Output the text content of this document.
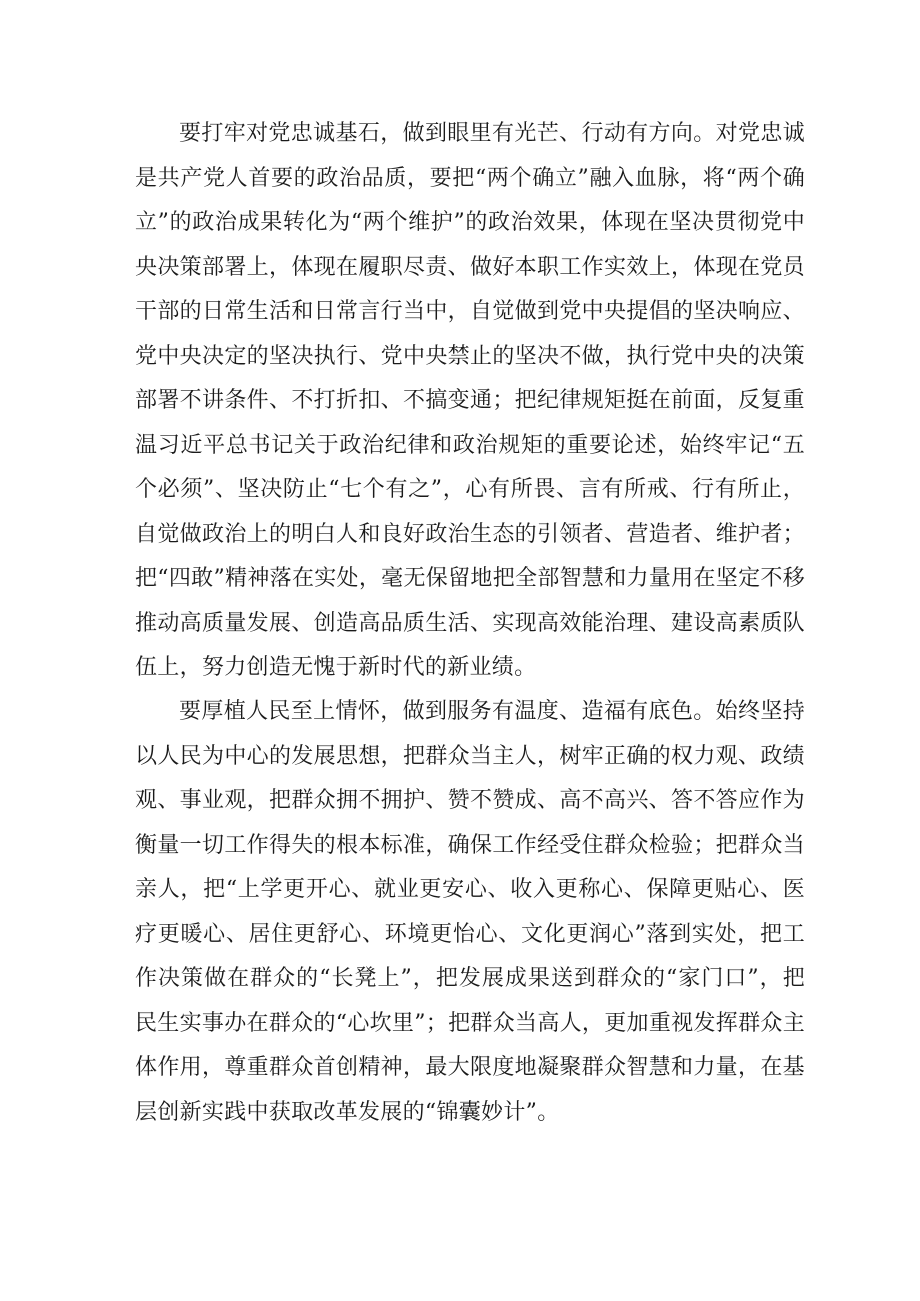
要打牢对党忠诚基石，做到眼里有光芒、行动有方向。对党忠诚是共产党人首要的政治品质，要把“两个确立”融入血脉，将“两个确立”的政治成果转化为“两个维护”的政治效果，体现在坚决贯彻党中央决策部署上，体现在履职尽责、做好本职工作实效上，体现在党员干部的日常生活和日常言行当中，自觉做到党中央提倡的坚决响应、党中央决定的坚决执行、党中央禁止的坚决不做，执行党中央的决策部署不讲条件、不打折扣、不搞变通；把纪律规矩挺在前面，反复重温习近平总书记关于政治纪律和政治规矩的重要论述，始终牢记“五个必须”、坚决防止“七个有之”，心有所畏、言有所戒、行有所止，自觉做政治上的明白人和良好政治生态的引领者、营造者、维护者；把“四敢”精神落在实处，毫无保留地把全部智慧和力量用在坚定不移推动高质量发展、创造高品质生活、实现高效能治理、建设高素质队伍上，努力创造无愧于新时代的新业绩。

要厚植人民至上情怀，做到服务有温度、造福有底色。始终坚持以人民为中心的发展思想，把群众当主人，树牢正确的权力观、政绩观、事业观，把群众拥不拥护、赞不赞成、高不高兴、答不答应作为衡量一切工作得失的根本标准，确保工作经受住群众检验；把群众当亲人，把“上学更开心、就业更安心、收入更称心、保障更贴心、医疗更暖心、居住更舒心、环境更怡心、文化更润心”落到实处，把工作决策做在群众的“长凳上”，把发展成果送到群众的“家门口”，把民生实事办在群众的“心坎里”；把群众当高人，更加重视发挥群众主体作用，尊重群众首创精神，最大限度地凝聚群众智慧和力量，在基层创新实践中获取改革发展的“锦囊妙计”。
